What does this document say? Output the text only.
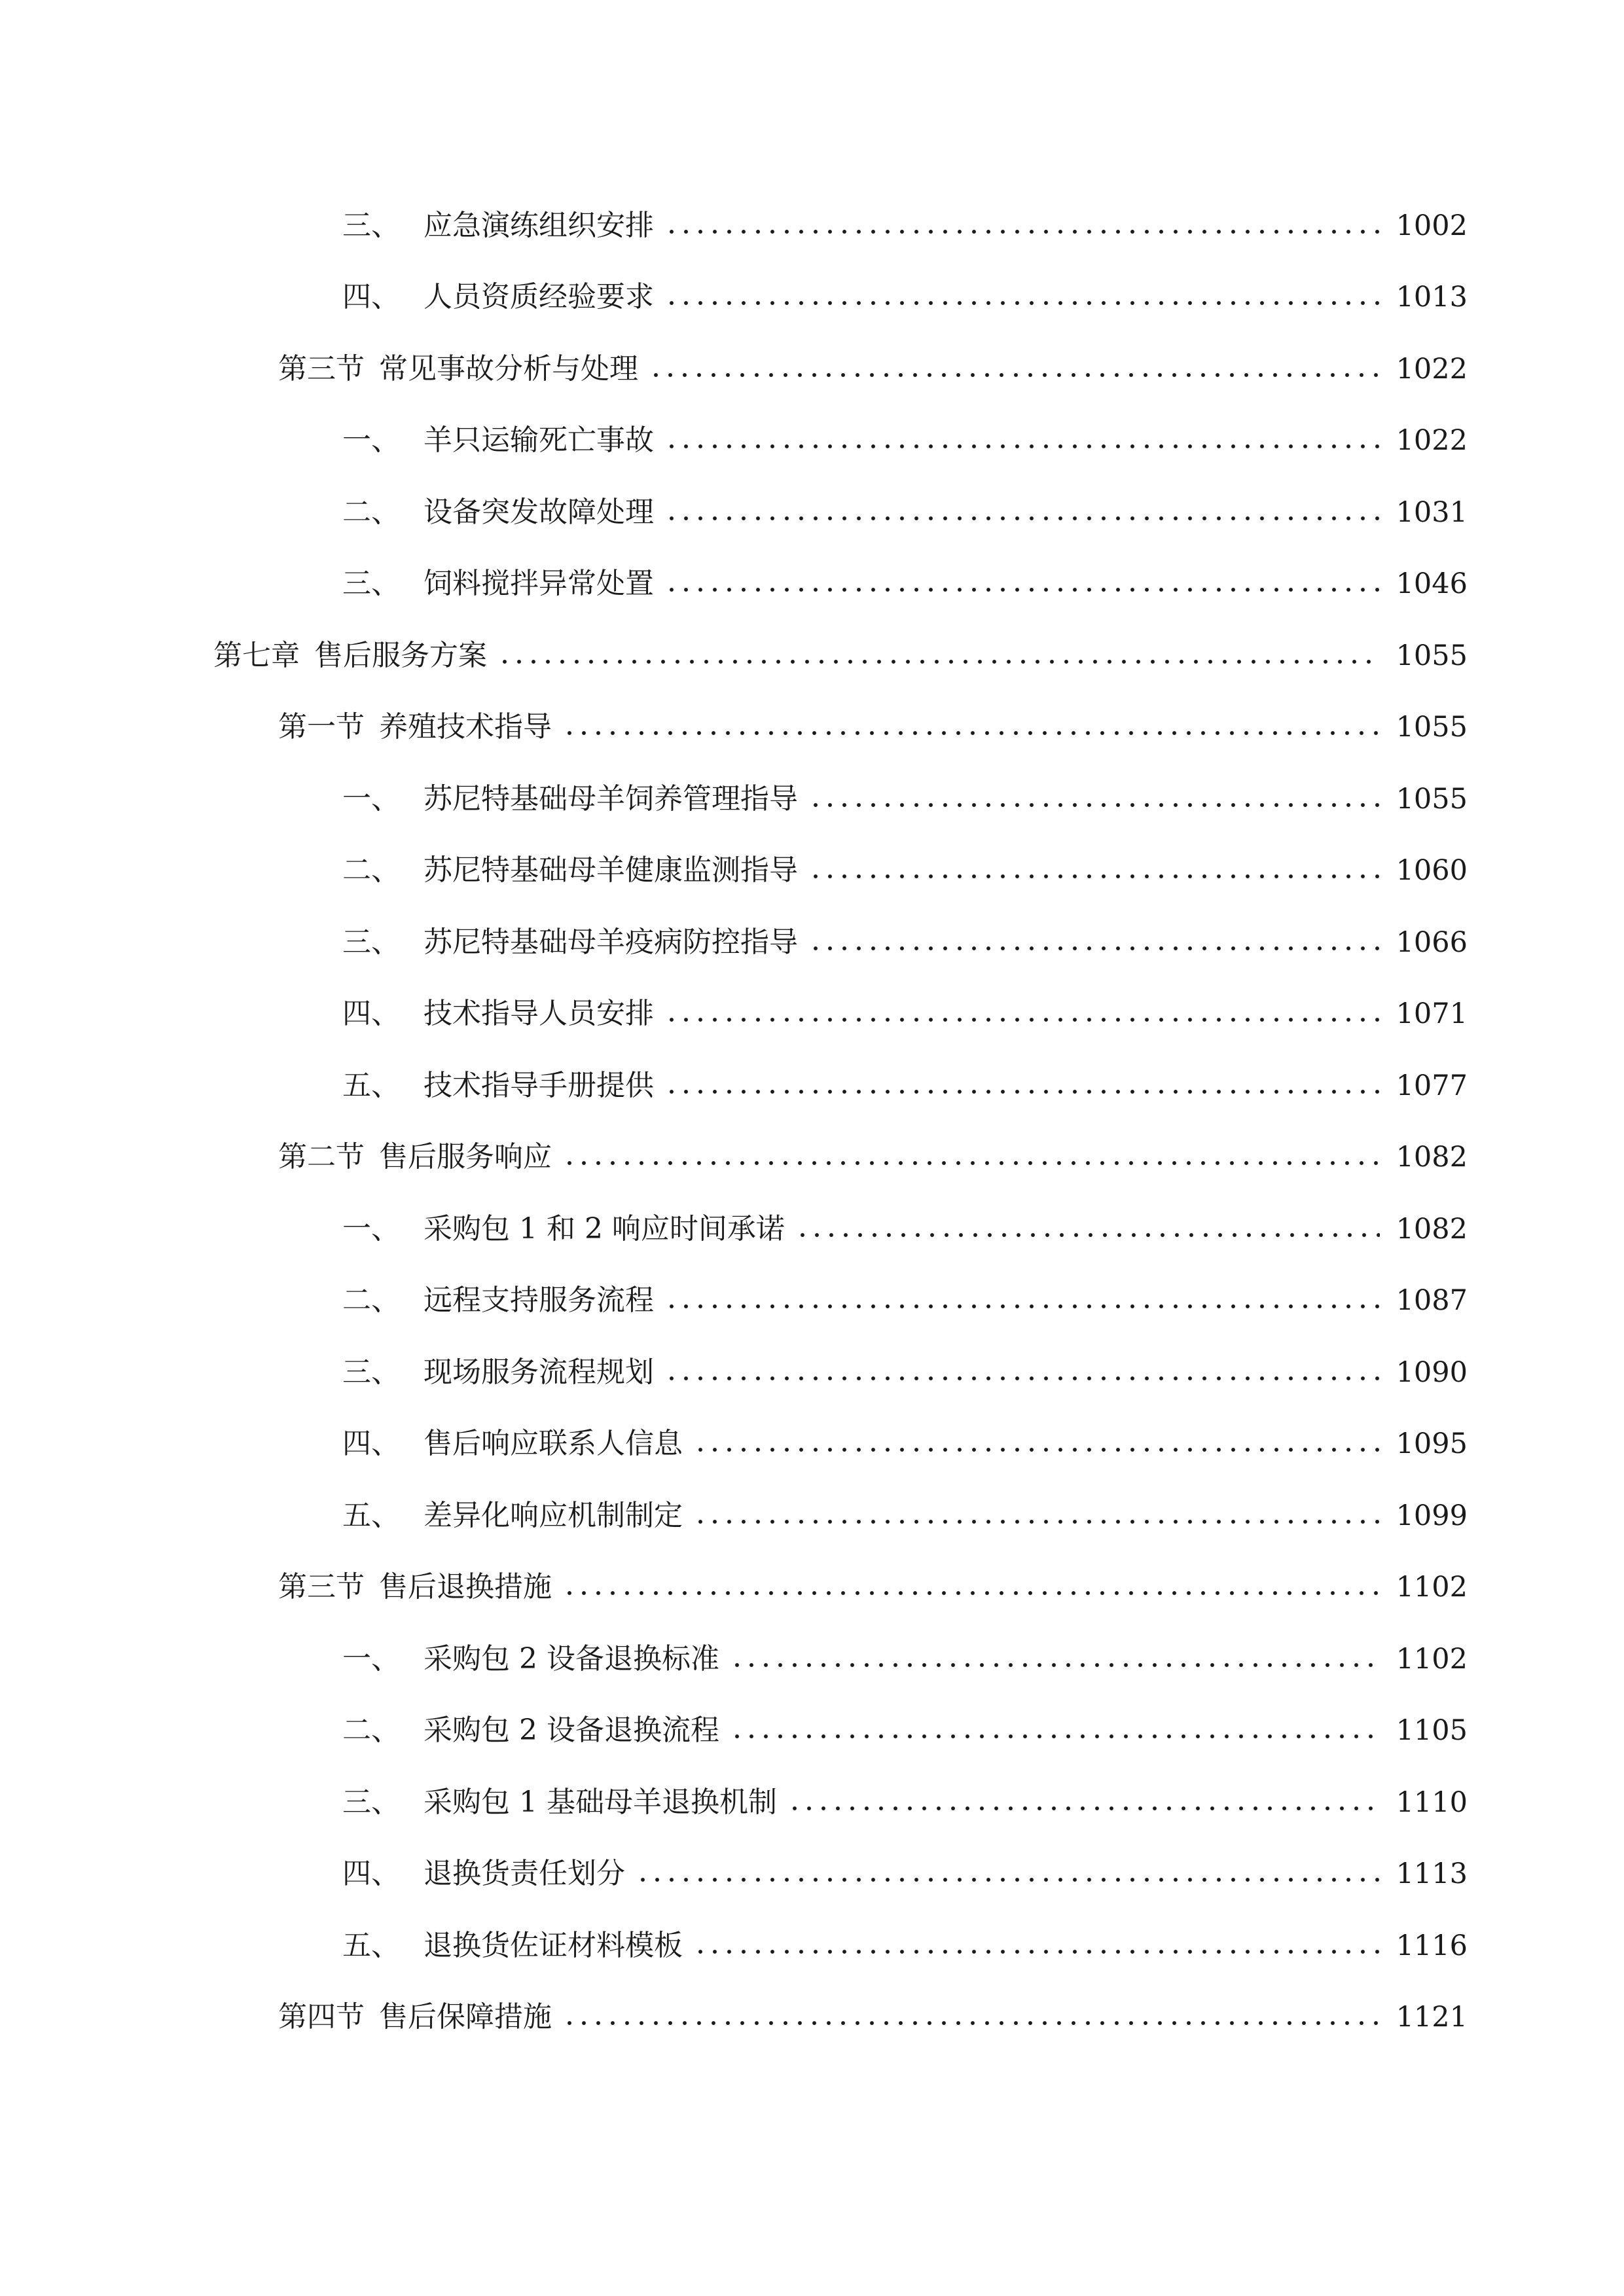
三、 应急演练组织安排	1002
四、 人员资质经验要求	1013
第三节 常见事故分析与处理	1022
一、 羊只运输死亡事故	1022
二、 设备突发故障处理	1031
三、 饲料搅拌异常处置	1046
第七章 售后服务方案	1055
第一节 养殖技术指导	1055
一、 苏尼特基础母羊饲养管理指导	1055
二、 苏尼特基础母羊健康监测指导	1060
三、 苏尼特基础母羊疫病防控指导	1066
四、 技术指导人员安排	1071
五、 技术指导手册提供	1077
第二节 售后服务响应	1082
一、 采购包 1 和 2 响应时间承诺	1082
二、 远程支持服务流程	1087
三、 现场服务流程规划	1090
四、 售后响应联系人信息	1095
五、 差异化响应机制制定	1099
第三节 售后退换措施	1102
一、 采购包 2 设备退换标准	1102
二、 采购包 2 设备退换流程	1105
三、 采购包 1 基础母羊退换机制	1110
四、 退换货责任划分	1113
五、 退换货佐证材料模板	1116
第四节 售后保障措施	1121
